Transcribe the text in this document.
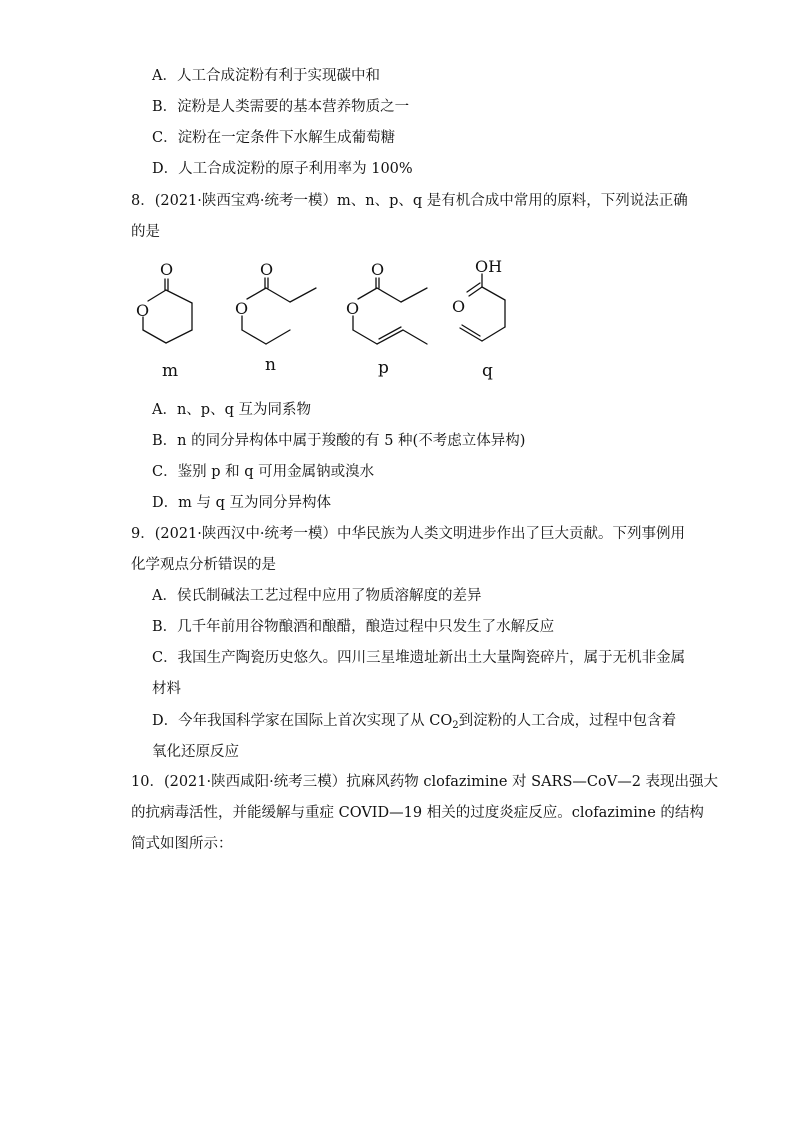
A．人工合成淀粉有利于实现碳中和
B．淀粉是人类需要的基本营养物质之一
C．淀粉在一定条件下水解生成葡萄糖
D．人工合成淀粉的原子利用率为 100%
8．(2021·陕西宝鸡·统考一模）m、n、p、q 是有机合成中常用的原料，下列说法正确
的是
O
O
O
O
O
O
OH
O
m	n	p	q
A．n、p、q 互为同系物
B．n 的同分异构体中属于羧酸的有 5 种(不考虑立体异构)
C．鉴别 p 和 q 可用金属钠或溴水
D．m 与 q 互为同分异构体
9．(2021·陕西汉中·统考一模）中华民族为人类文明进步作出了巨大贡献。下列事例用
化学观点分析错误的是
A．侯氏制碱法工艺过程中应用了物质溶解度的差异
B．几千年前用谷物酿酒和酿醋，酿造过程中只发生了水解反应
C．我国生产陶瓷历史悠久。四川三星堆遗址新出土大量陶瓷碎片，属于无机非金属
材料
D．今年我国科学家在国际上首次实现了从 $CO_2$到淀粉的人工合成，过程中包含着
氧化还原反应
10．(2021·陕西咸阳·统考三模）抗麻风药物 clofazimine 对 SARS—CoV—2 表现出强大
的抗病毒活性，并能缓解与重症 COVID—19 相关的过度炎症反应。clofazimine 的结构
简式如图所示：
